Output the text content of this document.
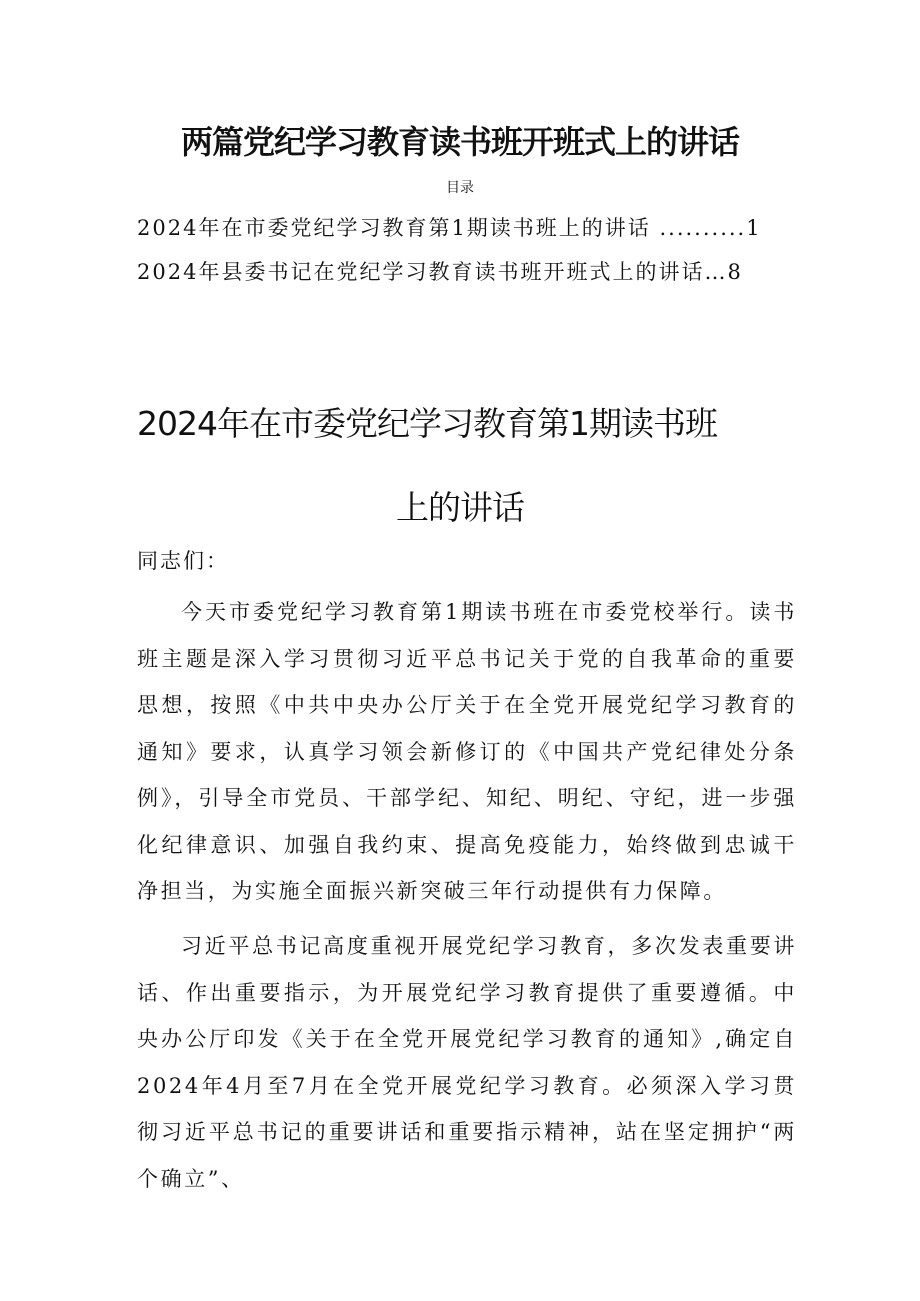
两篇党纪学习教育读书班开班式上的讲话
目录
2024年在市委党纪学习教育第1期读书班上的讲话 ..........1
2024年县委书记在党纪学习教育读书班开班式上的讲话…8
2024年在市委党纪学习教育第1期读书班
上的讲话
同志们：

今天市委党纪学习教育第1期读书班在市委党校举行。读书班主题是深入学习贯彻习近平总书记关于党的自我革命的重要思想，按照《中共中央办公厅关于在全党开展党纪学习教育的通知》要求，认真学习领会新修订的《中国共产党纪律处分条例》，引导全市党员、干部学纪、知纪、明纪、守纪，进一步强化纪律意识、加强自我约束、提高免疫能力，始终做到忠诚干净担当，为实施全面振兴新突破三年行动提供有力保障。

习近平总书记高度重视开展党纪学习教育，多次发表重要讲话、作出重要指示，为开展党纪学习教育提供了重要遵循。中央办公厅印发《关于在全党开展党纪学习教育的通知》,确定自2024年4月至7月在全党开展党纪学习教育。必须深入学习贯彻习近平总书记的重要讲话和重要指示精神，站在坚定拥护“两个确立”、
